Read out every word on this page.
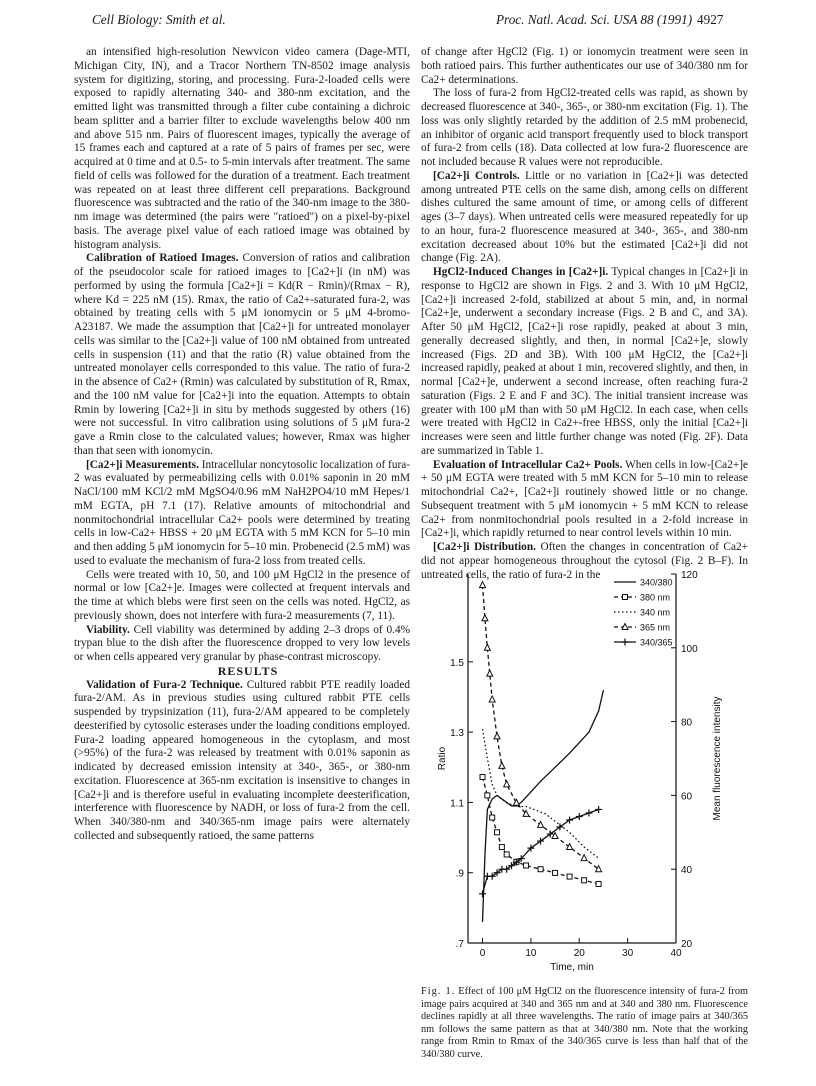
Cell Biology: Smith et al.	Proc. Natl. Acad. Sci. USA 88 (1991) 4927

an intensified high-resolution Newvicon video camera (Dage-MTI, Michigan City, IN), and a Tracor Northern TN-8502 image analysis system for digitizing, storing, and processing. Fura-2-loaded cells were exposed to rapidly alternating 340- and 380-nm excitation, and the emitted light was transmitted through a filter cube containing a dichroic beam splitter and a barrier filter to exclude wavelengths below 400 nm and above 515 nm. Pairs of fluorescent images, typically the average of 15 frames each and captured at a rate of 5 pairs of frames per sec, were acquired at 0 time and at 0.5- to 5-min intervals after treatment. The same field of cells was followed for the duration of a treatment. Each treatment was repeated on at least three different cell preparations. Background fluorescence was subtracted and the ratio of the 340-nm image to the 380-nm image was determined (the pairs were "ratioed") on a pixel-by-pixel basis. The average pixel value of each ratioed image was obtained by histogram analysis.

Calibration of Ratioed Images. Conversion of ratios and calibration of the pseudocolor scale for ratioed images to [Ca2+]i (in nM) was performed by using the formula [Ca2+]i = Kd(R − Rmin)/(Rmax − R), where Kd = 225 nM (15). Rmax, the ratio of Ca2+-saturated fura-2, was obtained by treating cells with 5 μM ionomycin or 5 μM 4-bromo-A23187. We made the assumption that [Ca2+]i for untreated monolayer cells was similar to the [Ca2+]i value of 100 nM obtained from untreated cells in suspension (11) and that the ratio (R) value obtained from the untreated monolayer cells corresponded to this value. The ratio of fura-2 in the absence of Ca2+ (Rmin) was calculated by substitution of R, Rmax, and the 100 nM value for [Ca2+]i into the equation. Attempts to obtain Rmin by lowering [Ca2+]i in situ by methods suggested by others (16) were not successful. In vitro calibration using solutions of 5 μM fura-2 gave a Rmin close to the calculated values; however, Rmax was higher than that seen with ionomycin.

[Ca2+]i Measurements. Intracellular noncytosolic localization of fura-2 was evaluated by permeabilizing cells with 0.01% saponin in 20 mM NaCl/100 mM KCl/2 mM MgSO4/0.96 mM NaH2PO4/10 mM Hepes/1 mM EGTA, pH 7.1 (17). Relative amounts of mitochondrial and nonmitochondrial intracellular Ca2+ pools were determined by treating cells in low-Ca2+ HBSS + 20 μM EGTA with 5 mM KCN for 5–10 min and then adding 5 μM ionomycin for 5–10 min. Probenecid (2.5 mM) was used to evaluate the mechanism of fura-2 loss from treated cells.

Cells were treated with 10, 50, and 100 μM HgCl2 in the presence of normal or low [Ca2+]e. Images were collected at frequent intervals and the time at which blebs were first seen on the cells was noted. HgCl2, as previously shown, does not interfere with fura-2 measurements (7, 11).

Viability. Cell viability was determined by adding 2–3 drops of 0.4% trypan blue to the dish after the fluorescence dropped to very low levels or when cells appeared very granular by phase-contrast microscopy.

RESULTS

Validation of Fura-2 Technique. Cultured rabbit PTE readily loaded fura-2/AM. As in previous studies using cultured rabbit PTE cells suspended by trypsinization (11), fura-2/AM appeared to be completely deesterified by cytosolic esterases under the loading conditions employed. Fura-2 loading appeared homogeneous in the cytoplasm, and most (>95%) of the fura-2 was released by treatment with 0.01% saponin as indicated by decreased emission intensity at 340-, 365-, or 380-nm excitation. Fluorescence at 365-nm excitation is insensitive to changes in [Ca2+]i and is therefore useful in evaluating incomplete deesterification, interference with fluorescence by NADH, or loss of fura-2 from the cell. When 340/380-nm and 340/365-nm image pairs were alternately collected and subsequently ratioed, the same patterns

of change after HgCl2 (Fig. 1) or ionomycin treatment were seen in both ratioed pairs. This further authenticates our use of 340/380 nm for Ca2+ determinations.

The loss of fura-2 from HgCl2-treated cells was rapid, as shown by decreased fluorescence at 340-, 365-, or 380-nm excitation (Fig. 1). The loss was only slightly retarded by the addition of 2.5 mM probenecid, an inhibitor of organic acid transport frequently used to block transport of fura-2 from cells (18). Data collected at low fura-2 fluorescence are not included because R values were not reproducible.

[Ca2+]i Controls. Little or no variation in [Ca2+]i was detected among untreated PTE cells on the same dish, among cells on different dishes cultured the same amount of time, or among cells of different ages (3–7 days). When untreated cells were measured repeatedly for up to an hour, fura-2 fluorescence measured at 340-, 365-, and 380-nm excitation decreased about 10% but the estimated [Ca2+]i did not change (Fig. 2A).

HgCl2-Induced Changes in [Ca2+]i. Typical changes in [Ca2+]i in response to HgCl2 are shown in Figs. 2 and 3. With 10 μM HgCl2, [Ca2+]i increased 2-fold, stabilized at about 5 min, and, in normal [Ca2+]e, underwent a secondary increase (Figs. 2 B and C, and 3A). After 50 μM HgCl2, [Ca2+]i rose rapidly, peaked at about 3 min, generally decreased slightly, and then, in normal [Ca2+]e, slowly increased (Figs. 2D and 3B). With 100 μM HgCl2, the [Ca2+]i increased rapidly, peaked at about 1 min, recovered slightly, and then, in normal [Ca2+]e, underwent a second increase, often reaching fura-2 saturation (Figs. 2 E and F and 3C). The initial transient increase was greater with 100 μM than with 50 μM HgCl2. In each case, when cells were treated with HgCl2 in Ca2+-free HBSS, only the initial [Ca2+]i increases were seen and little further change was noted (Fig. 2F). Data are summarized in Table 1.

Evaluation of Intracellular Ca2+ Pools. When cells in low-[Ca2+]e + 50 μM EGTA were treated with 5 mM KCN for 5–10 min to release mitochondrial Ca2+, [Ca2+]i routinely showed little or no change. Subsequent treatment with 5 μM ionomycin + 5 mM KCN to release Ca2+ from nonmitochondrial pools resulted in a 2-fold increase in [Ca2+]i, which rapidly returned to near control levels within 10 min.

[Ca2+]i Distribution. Often the changes in concentration of Ca2+ did not appear homogeneous throughout the cytosol (Fig. 2 B–F). In untreated cells, the ratio of fura-2 in the

.7
.9
1.1
1.3
1.5
20
40
60
80
100
120
0	10	20	30	40
Time, min
Ratio	Mean fluorescence intensity
340/380
380 nm
340 nm
365 nm
340/365
Fig. 1. Effect of 100 μM HgCl2 on the fluorescence intensity of fura-2 from image pairs acquired at 340 and 365 nm and at 340 and 380 nm. Fluorescence declines rapidly at all three wavelengths. The ratio of image pairs at 340/365 nm follows the same pattern as that at 340/380 nm. Note that the working range from Rmin to Rmax of the 340/365 curve is less than half that of the 340/380 curve.
